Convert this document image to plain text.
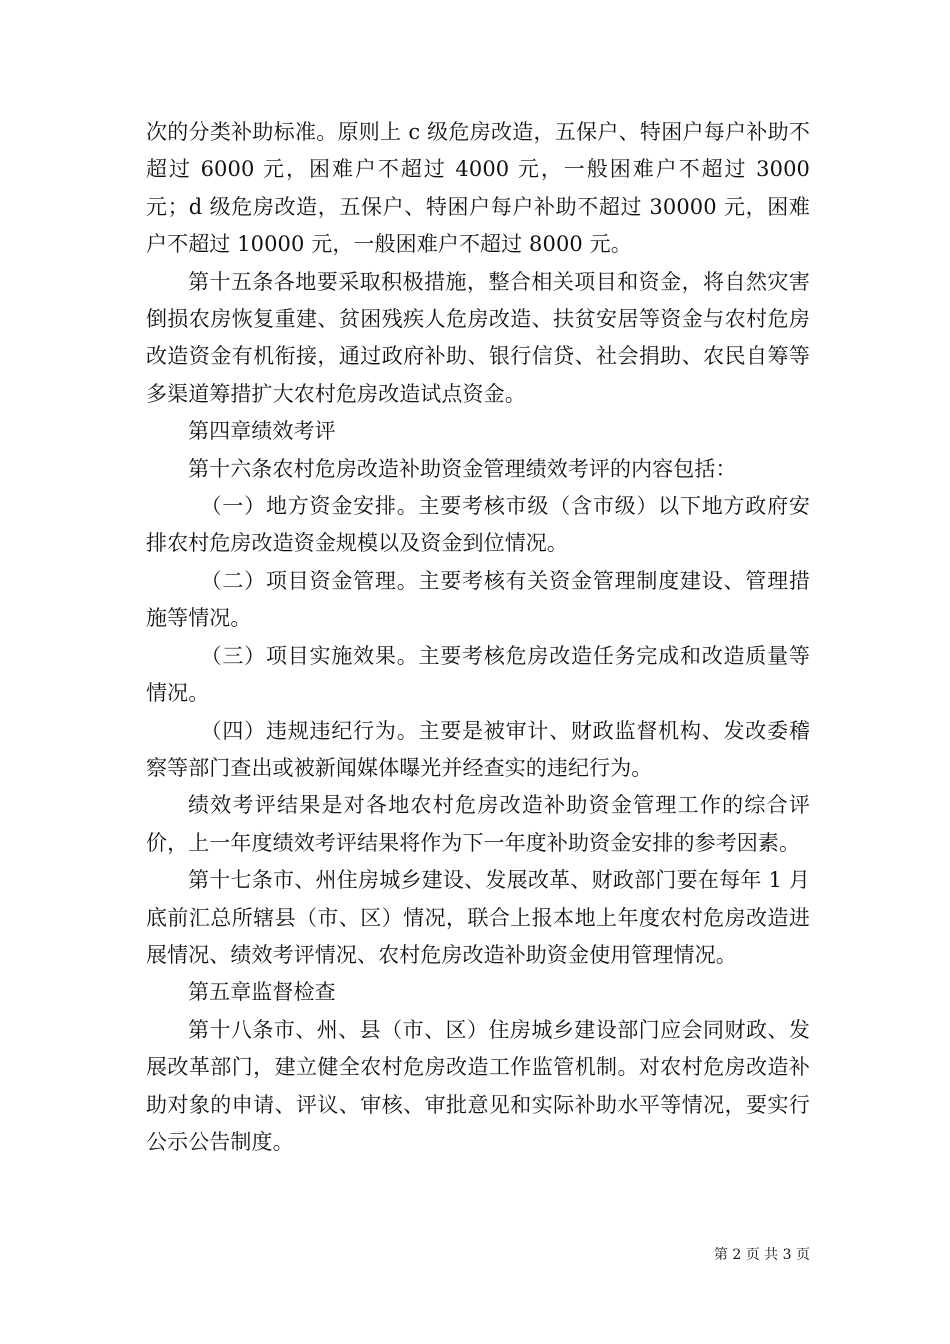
次的分类补助标准。原则上 c 级危房改造，五保户、特困户每户补助不超过 6000 元，困难户不超过 4000 元，一般困难户不超过 3000 元；d 级危房改造，五保户、特困户每户补助不超过 30000 元，困难户不超过 10000 元，一般困难户不超过 8000 元。

第十五条各地要采取积极措施，整合相关项目和资金，将自然灾害倒损农房恢复重建、贫困残疾人危房改造、扶贫安居等资金与农村危房改造资金有机衔接，通过政府补助、银行信贷、社会捐助、农民自筹等多渠道筹措扩大农村危房改造试点资金。

第四章绩效考评

第十六条农村危房改造补助资金管理绩效考评的内容包括：

（一）地方资金安排。主要考核市级（含市级）以下地方政府安排农村危房改造资金规模以及资金到位情况。

（二）项目资金管理。主要考核有关资金管理制度建设、管理措施等情况。

（三）项目实施效果。主要考核危房改造任务完成和改造质量等情况。

（四）违规违纪行为。主要是被审计、财政监督机构、发改委稽察等部门查出或被新闻媒体曝光并经查实的违纪行为。

绩效考评结果是对各地农村危房改造补助资金管理工作的综合评价，上一年度绩效考评结果将作为下一年度补助资金安排的参考因素。

第十七条市、州住房城乡建设、发展改革、财政部门要在每年 1 月底前汇总所辖县（市、区）情况，联合上报本地上年度农村危房改造进展情况、绩效考评情况、农村危房改造补助资金使用管理情况。

第五章监督检查

第十八条市、州、县（市、区）住房城乡建设部门应会同财政、发展改革部门，建立健全农村危房改造工作监管机制。对农村危房改造补助对象的申请、评议、审核、审批意见和实际补助水平等情况，要实行公示公告制度。

第 2 页 共 3 页
